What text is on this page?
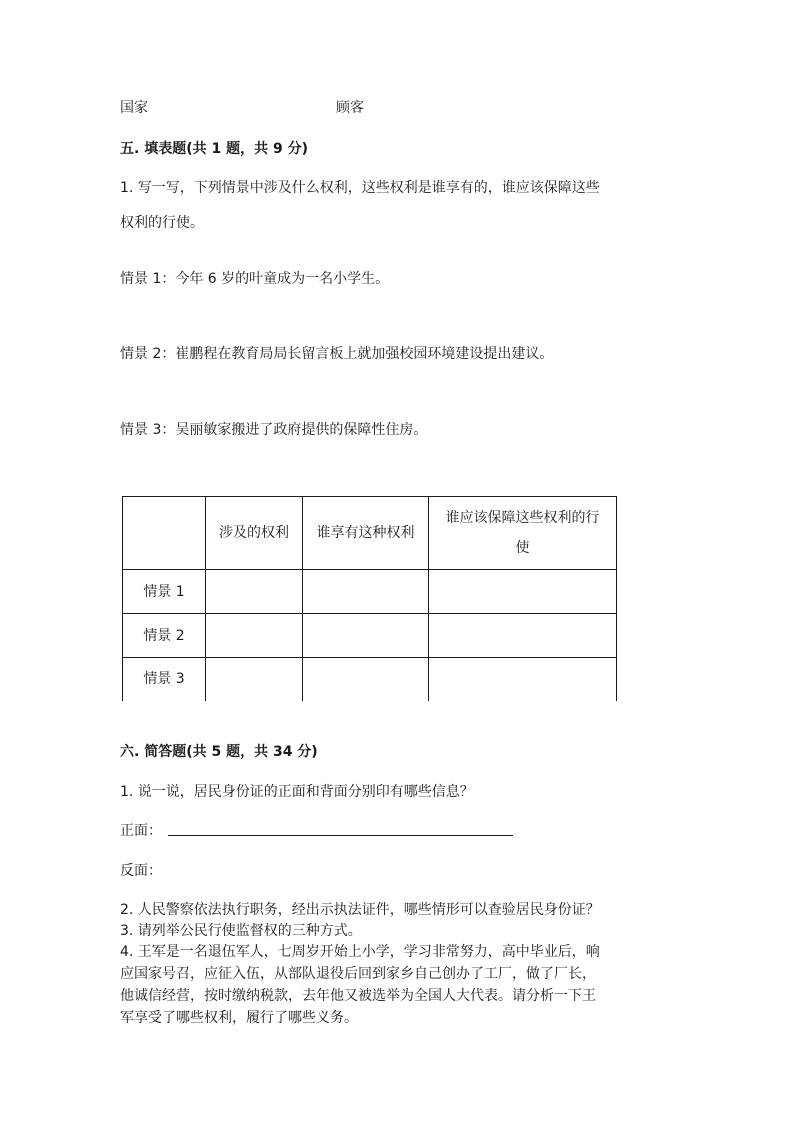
国家	顾客
五. 填表题(共 1 题，共 9 分)
1. 写一写，下列情景中涉及什么权利，这些权利是谁享有的，谁应该保障这些
权利的行使。
情景 1：今年 6 岁的叶童成为一名小学生。
情景 2：崔鹏程在教育局局长留言板上就加强校园环境建设提出建议。
情景 3：吴丽敏家搬进了政府提供的保障性住房。
	涉及的权利	谁享有这种权利	谁应该保障这些权利的行使
情景 1			
情景 2			
情景 3			
六. 简答题(共 5 题，共 34 分)
1. 说一说，居民身份证的正面和背面分别印有哪些信息？
正面：
反面：
2. 人民警察依法执行职务，经出示执法证件，哪些情形可以查验居民身份证？
3. 请列举公民行使监督权的三种方式。
4. 王军是一名退伍军人，七周岁开始上小学，学习非常努力，高中毕业后，响
应国家号召，应征入伍，从部队退役后回到家乡自己创办了工厂，做了厂长，
他诚信经营，按时缴纳税款，去年他又被选举为全国人大代表。请分析一下王
军享受了哪些权利，履行了哪些义务。
